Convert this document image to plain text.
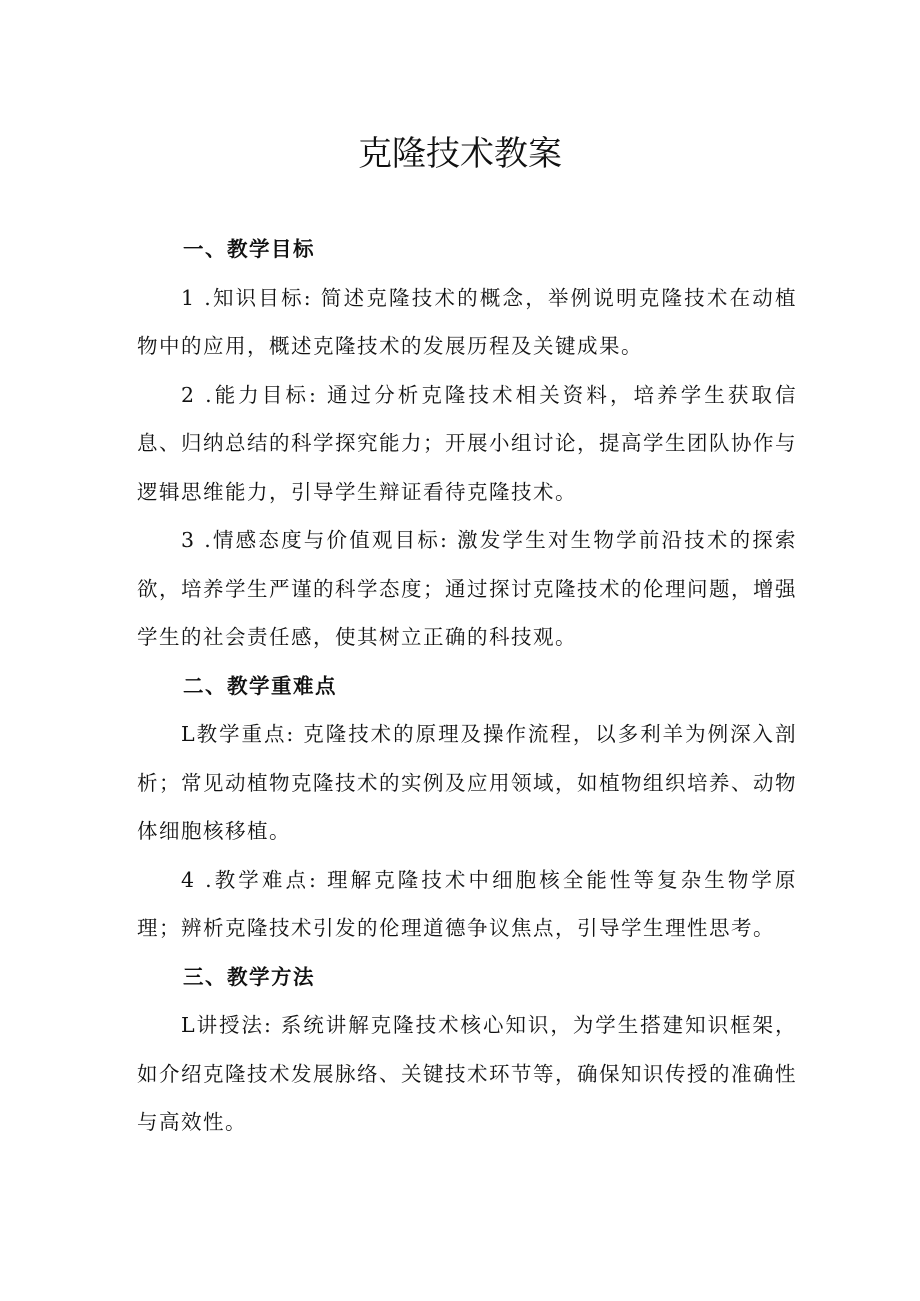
克隆技术教案
一、教学目标

1 .知识目标: 简述克隆技术的概念，举例说明克隆技术在动植物中的应用，概述克隆技术的发展历程及关键成果。

2 .能力目标: 通过分析克隆技术相关资料，培养学生获取信息、归纳总结的科学探究能力；开展小组讨论，提高学生团队协作与逻辑思维能力，引导学生辩证看待克隆技术。

3 .情感态度与价值观目标: 激发学生对生物学前沿技术的探索欲，培养学生严谨的科学态度；通过探讨克隆技术的伦理问题，增强学生的社会责任感，使其树立正确的科技观。

二、教学重难点

L教学重点: 克隆技术的原理及操作流程，以多利羊为例深入剖析；常见动植物克隆技术的实例及应用领域，如植物组织培养、动物体细胞核移植。

4 .教学难点: 理解克隆技术中细胞核全能性等复杂生物学原理；辨析克隆技术引发的伦理道德争议焦点，引导学生理性思考。

三、教学方法

L讲授法: 系统讲解克隆技术核心知识，为学生搭建知识框架，如介绍克隆技术发展脉络、关键技术环节等，确保知识传授的准确性与高效性。
